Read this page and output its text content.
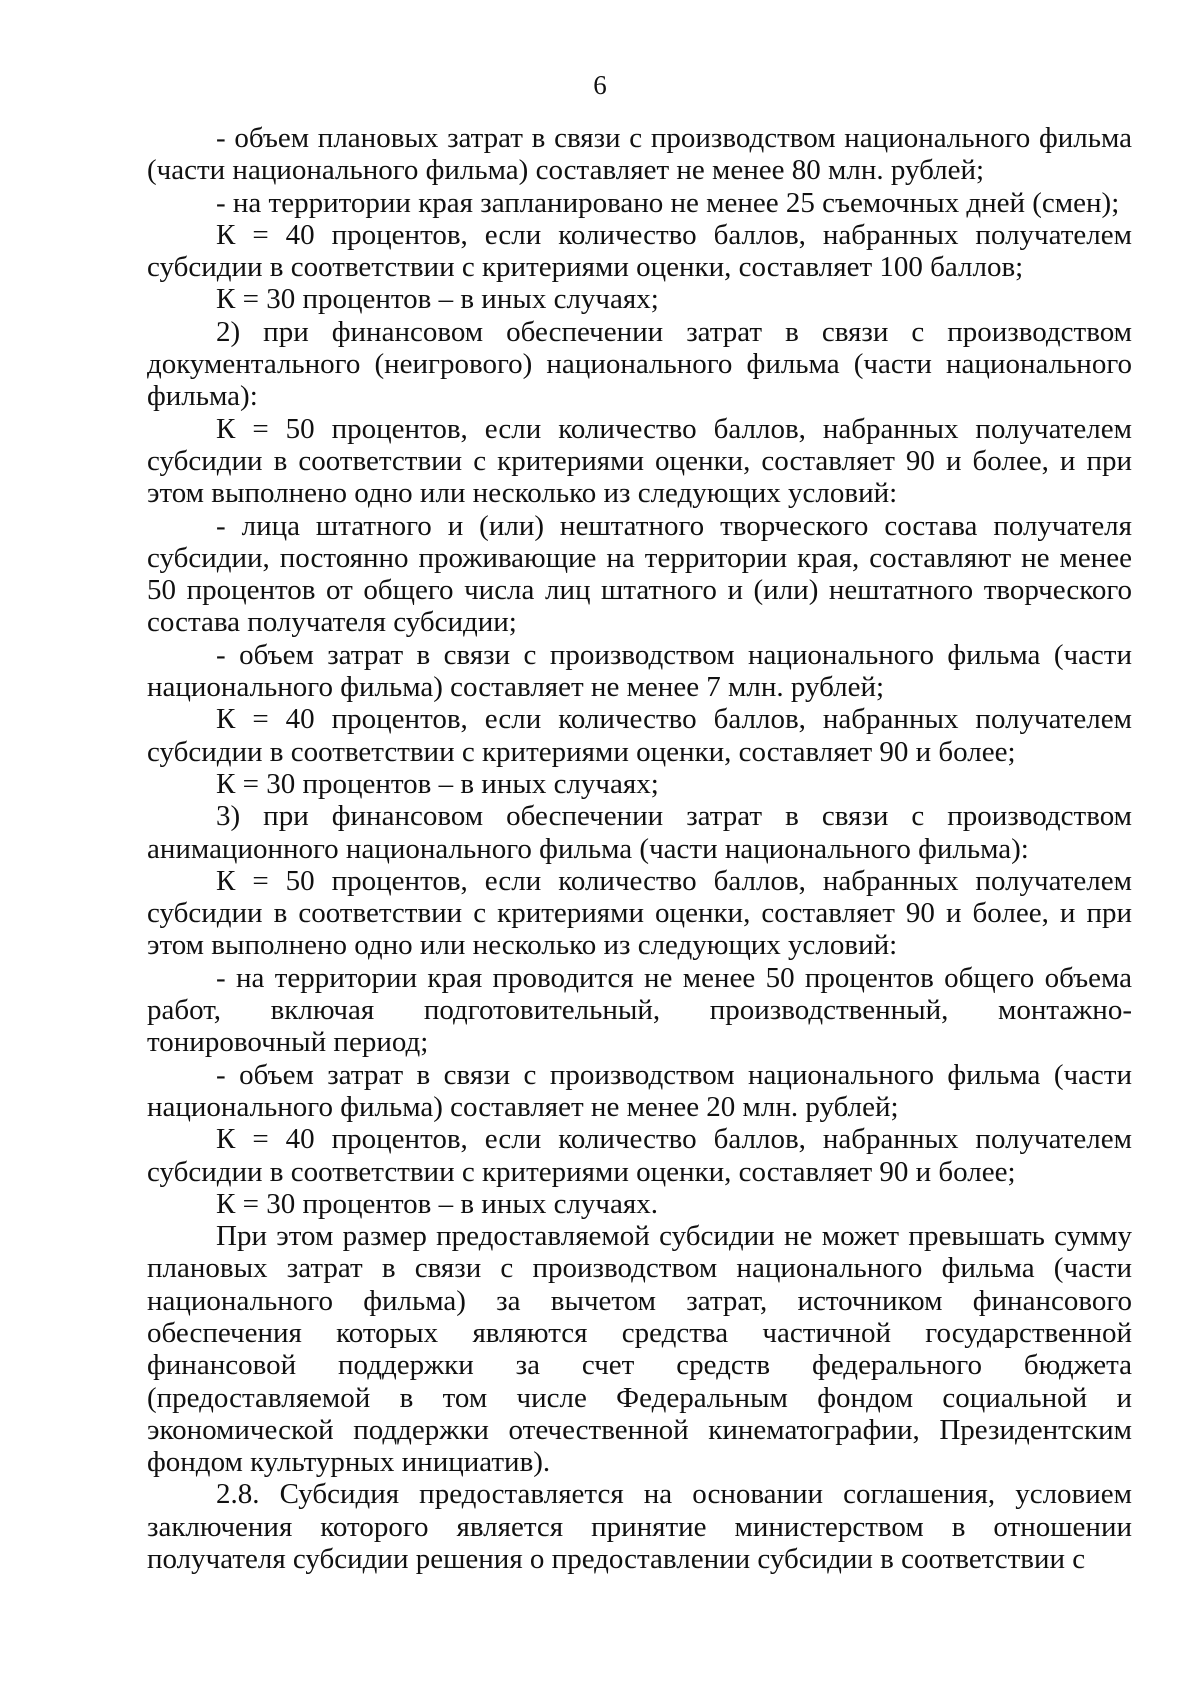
6

- объем плановых затрат в связи с производством национального фильма (части национального фильма) составляет не менее 80 млн. рублей;

- на территории края запланировано не менее 25 съемочных дней (смен);

К = 40 процентов, если количество баллов, набранных получателем субсидии в соответствии с критериями оценки, составляет 100 баллов;

К = 30 процентов – в иных случаях;

2) при финансовом обеспечении затрат в связи с производством документального (неигрового) национального фильма (части национального фильма):

К = 50 процентов, если количество баллов, набранных получателем субсидии в соответствии с критериями оценки, составляет 90 и более, и при этом выполнено одно или несколько из следующих условий:

- лица штатного и (или) нештатного творческого состава получателя субсидии, постоянно проживающие на территории края, составляют не менее 50 процентов от общего числа лиц штатного и (или) нештатного творческого состава получателя субсидии;

- объем затрат в связи с производством национального фильма (части национального фильма) составляет не менее 7 млн. рублей;

К = 40 процентов, если количество баллов, набранных получателем субсидии в соответствии с критериями оценки, составляет 90 и более;

К = 30 процентов – в иных случаях;

3) при финансовом обеспечении затрат в связи с производством анимационного национального фильма (части национального фильма):

К = 50 процентов, если количество баллов, набранных получателем субсидии в соответствии с критериями оценки, составляет 90 и более, и при этом выполнено одно или несколько из следующих условий:

- на территории края проводится не менее 50 процентов общего объема работ, включая подготовительный, производственный, монтажно-тонировочный период;

- объем затрат в связи с производством национального фильма (части национального фильма) составляет не менее 20 млн. рублей;

К = 40 процентов, если количество баллов, набранных получателем субсидии в соответствии с критериями оценки, составляет 90 и более;

К = 30 процентов – в иных случаях.

При этом размер предоставляемой субсидии не может превышать сумму плановых затрат в связи с производством национального фильма (части национального фильма) за вычетом затрат, источником финансового обеспечения которых являются средства частичной государственной финансовой поддержки за счет средств федерального бюджета (предоставляемой в том числе Федеральным фондом социальной и экономической поддержки отечественной кинематографии, Президентским фондом культурных инициатив).

2.8. Субсидия предоставляется на основании соглашения, условием заключения которого является принятие министерством в отношении получателя субсидии решения о предоставлении субсидии в соответствии с
